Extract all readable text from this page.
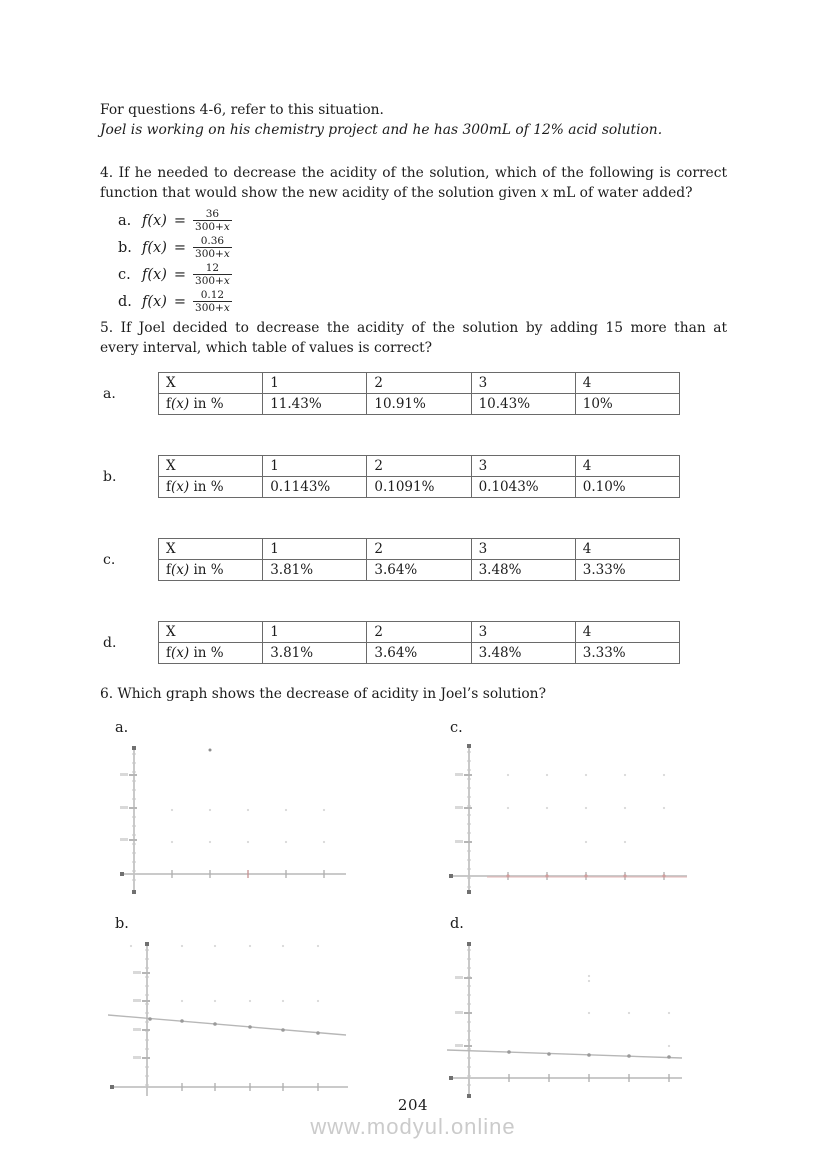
For questions 4-6, refer to this situation.

Joel is working on his chemistry project and he has 300mL of 12% acid solution.

4. If he needed to decrease the acidity of the solution, which of the following is correct

function that would show the new acidity of the solution given x mL of water added?

a. $f(x) = \frac{36}{300+x}$
b. $f(x) = \frac{0.36}{300+x}$
c. $f(x) = \frac{12}{300+x}$
d. $f(x) = \frac{0.12}{300+x}$

5. If Joel decided to decrease the acidity of the solution by adding 15 more than at

every interval, which table of values is correct?

a.
X	1	2	3	4
f(x) in %	11.43%	10.91%	10.43%	10%
b.
X	1	2	3	4
f(x) in %	0.1143%	0.1091%	0.1043%	0.10%
c.
X	1	2	3	4
f(x) in %	3.81%	3.64%	3.48%	3.33%
d.
X	1	2	3	4
f(x) in %	3.81%	3.64%	3.48%	3.33%

6. Which graph shows the decrease of acidity in Joel’s solution?

a.	c.
b.	d.
204
www.modyul.online
